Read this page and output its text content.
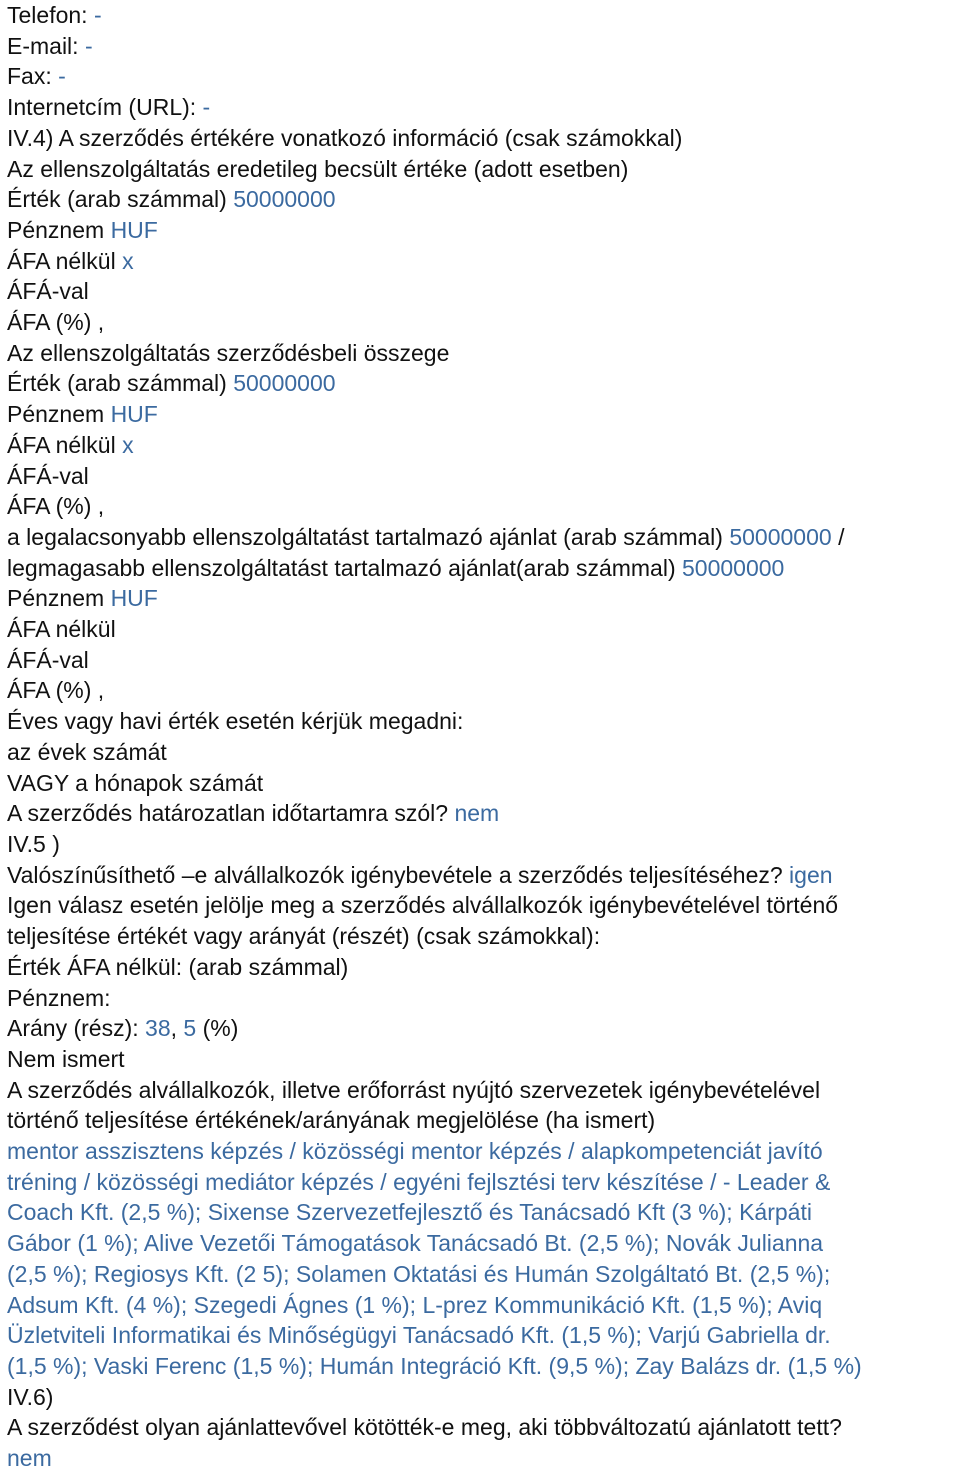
Telefon: -
E-mail: -
Fax: -
Internetcím (URL): -
IV.4) A szerződés értékére vonatkozó információ (csak számokkal)
Az ellenszolgáltatás eredetileg becsült értéke (adott esetben)
Érték (arab számmal) 50000000
Pénznem HUF
ÁFA nélkül x
ÁFÁ-val
ÁFA (%) ,
Az ellenszolgáltatás szerződésbeli összege
Érték (arab számmal) 50000000
Pénznem HUF
ÁFA nélkül x
ÁFÁ-val
ÁFA (%) ,
a legalacsonyabb ellenszolgáltatást tartalmazó ajánlat (arab számmal) 50000000 /
legmagasabb ellenszolgáltatást tartalmazó ajánlat(arab számmal) 50000000
Pénznem HUF
ÁFA nélkül
ÁFÁ-val
ÁFA (%) ,
Éves vagy havi érték esetén kérjük megadni:
az évek számát
VAGY a hónapok számát
A szerződés határozatlan időtartamra szól? nem
IV.5 )
Valószínűsíthető –e alvállalkozók igénybevétele a szerződés teljesítéséhez? igen
Igen válasz esetén jelölje meg a szerződés alvállalkozók igénybevételével történő
teljesítése értékét vagy arányát (részét) (csak számokkal):
Érték ÁFA nélkül: (arab számmal)
Pénznem:
Arány (rész): 38, 5 (%)
Nem ismert
A szerződés alvállalkozók, illetve erőforrást nyújtó szervezetek igénybevételével
történő teljesítése értékének/arányának megjelölése (ha ismert)
mentor asszisztens képzés / közösségi mentor képzés / alapkompetenciát javító
tréning / közösségi mediátor képzés / egyéni fejlsztési terv készítése / - Leader &
Coach Kft. (2,5 %); Sixense Szervezetfejlesztő és Tanácsadó Kft (3 %); Kárpáti
Gábor (1 %); Alive Vezetői Támogatások Tanácsadó Bt. (2,5 %); Novák Julianna
(2,5 %); Regiosys Kft. (2 5); Solamen Oktatási és Humán Szolgáltató Bt. (2,5 %);
Adsum Kft. (4 %); Szegedi Ágnes (1 %); L-prez Kommunikáció Kft. (1,5 %); Aviq
Üzletviteli Informatikai és Minőségügyi Tanácsadó Kft. (1,5 %); Varjú Gabriella dr.
(1,5 %); Vaski Ferenc (1,5 %); Humán Integráció Kft. (9,5 %); Zay Balázs dr. (1,5 %)
IV.6)
A szerződést olyan ajánlattevővel kötötték-e meg, aki többváltozatú ajánlatott tett?
nem
